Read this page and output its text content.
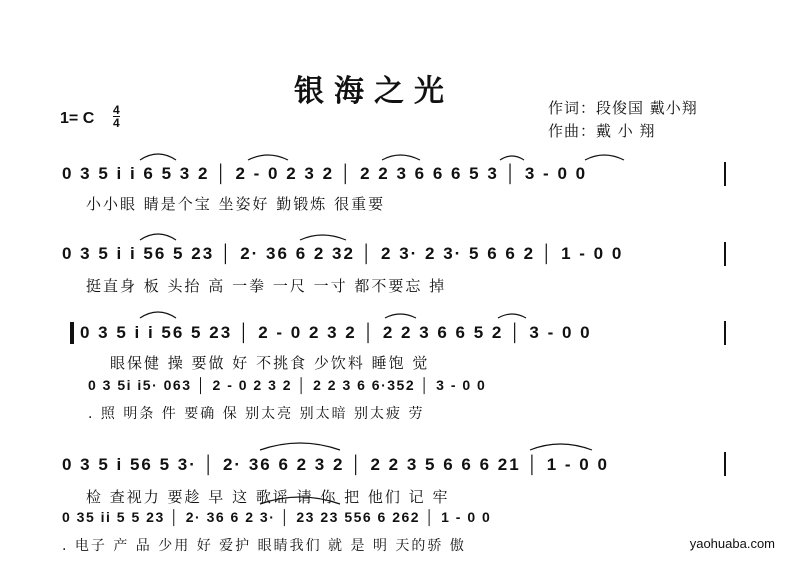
银海之光
1= C 4
4
作词：段俊国 戴小翔
作曲：戴 小 翔
0 3 5 i i 6 5 3 2 │ 2 - 0 2 3 2 │ 2 2 3 6 6 6 5 3 │ 3 - 0 0
小小眼 睛是个宝 坐姿好 勤锻炼 很重要
0 3 5 i i 56 5 23 │ 2· 36 6 2 32 │ 2 3· 2 3· 5 6 6 2 │ 1 - 0 0
挺直身 板 头抬 高 一拳 一尺 一寸 都不要忘 掉
0 3 5 i i 56 5 23 │ 2 - 0 2 3 2 │ 2 2 3 6 6 5 2 │ 3 - 0 0
眼保健 操 要做 好 不挑食 少饮料 睡饱 觉
0 3 5i i5· 063 │ 2 - 0 2 3 2 │ 2 2 3 6 6·352 │ 3 - 0 0
. 照 明条 件 要确 保 别太亮 别太暗 别太疲 劳
0 3 5 i 56 5 3· │ 2· 36 6 2 3 2 │ 2 2 3 5 6 6 6 21 │ 1 - 0 0
检 查视力 要趁 早 这 歌谣 请 你 把 他们 记 牢
0 35 ii 5 5 23 │ 2· 36 6 2 3· │ 23 23 556 6 262 │ 1 - 0 0
. 电子 产 品 少用 好 爱护 眼睛我们 就 是 明 天的骄 傲	yaohuaba.com
